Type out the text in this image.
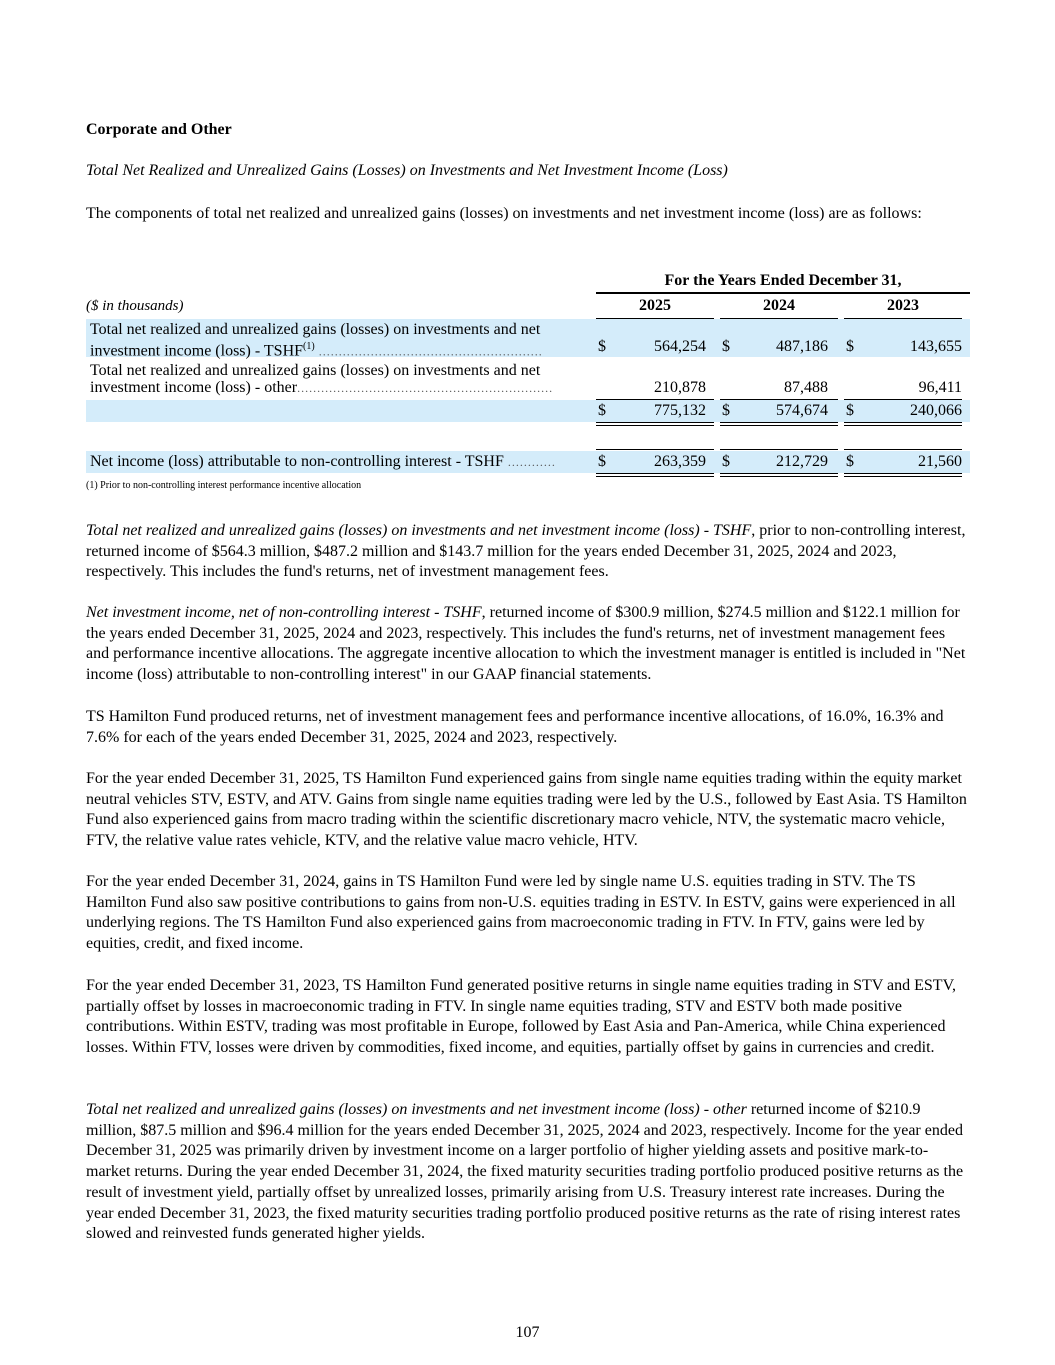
Corporate and Other
Total Net Realized and Unrealized Gains (Losses) on Investments and Net Investment Income (Loss)
The components of total net realized and unrealized gains (losses) on investments and net investment income (loss) are as follows:
For the Years Ended December 31,
($ in thousands)	2025	2024	2023
Total net realized and unrealized gains (losses) on investments and net
investment income (loss) - TSHF$^{(1)}$ ........................................................	$	564,254 $	487,186 $	143,655
Total net realized and unrealized gains (losses) on investments and net
investment income (loss) - other................................................................	210,878	87,488	96,411
$	775,132 $	574,674 $	240,066
Net income (loss) attributable to non-controlling interest - TSHF ............	$	263,359 $	212,729 $	21,560
(1) Prior to non-controlling interest performance incentive allocation
Total net realized and unrealized gains (losses) on investments and net investment income (loss) - TSHF, prior to non-controlling interest, returned income of $564.3 million, $487.2 million and $143.7 million for the years ended December 31, 2025, 2024 and 2023, respectively. This includes the fund's returns, net of investment management fees.
Net investment income, net of non-controlling interest - TSHF, returned income of $300.9 million, $274.5 million and $122.1 million for the years ended December 31, 2025, 2024 and 2023, respectively. This includes the fund's returns, net of investment management fees and performance incentive allocations. The aggregate incentive allocation to which the investment manager is entitled is included in "Net income (loss) attributable to non-controlling interest" in our GAAP financial statements.
TS Hamilton Fund produced returns, net of investment management fees and performance incentive allocations, of 16.0%, 16.3% and 7.6% for each of the years ended December 31, 2025, 2024 and 2023, respectively.
For the year ended December 31, 2025, TS Hamilton Fund experienced gains from single name equities trading within the equity market neutral vehicles STV, ESTV, and ATV. Gains from single name equities trading were led by the U.S., followed by East Asia. TS Hamilton Fund also experienced gains from macro trading within the scientific discretionary macro vehicle, NTV, the systematic macro vehicle, FTV, the relative value rates vehicle, KTV, and the relative value macro vehicle, HTV.
For the year ended December 31, 2024, gains in TS Hamilton Fund were led by single name U.S. equities trading in STV. The TS Hamilton Fund also saw positive contributions to gains from non-U.S. equities trading in ESTV. In ESTV, gains were experienced in all underlying regions. The TS Hamilton Fund also experienced gains from macroeconomic trading in FTV. In FTV, gains were led by equities, credit, and fixed income.
For the year ended December 31, 2023, TS Hamilton Fund generated positive returns in single name equities trading in STV and ESTV, partially offset by losses in macroeconomic trading in FTV. In single name equities trading, STV and ESTV both made positive contributions. Within ESTV, trading was most profitable in Europe, followed by East Asia and Pan-America, while China experienced losses. Within FTV, losses were driven by commodities, fixed income, and equities, partially offset by gains in currencies and credit.
Total net realized and unrealized gains (losses) on investments and net investment income (loss) - other returned income of $210.9 million, $87.5 million and $96.4 million for the years ended December 31, 2025, 2024 and 2023, respectively. Income for the year ended December 31, 2025 was primarily driven by investment income on a larger portfolio of higher yielding assets and positive mark-to-market returns. During the year ended December 31, 2024, the fixed maturity securities trading portfolio produced positive returns as the result of investment yield, partially offset by unrealized losses, primarily arising from U.S. Treasury interest rate increases. During the year ended December 31, 2023, the fixed maturity securities trading portfolio produced positive returns as the rate of rising interest rates slowed and reinvested funds generated higher yields.
107
